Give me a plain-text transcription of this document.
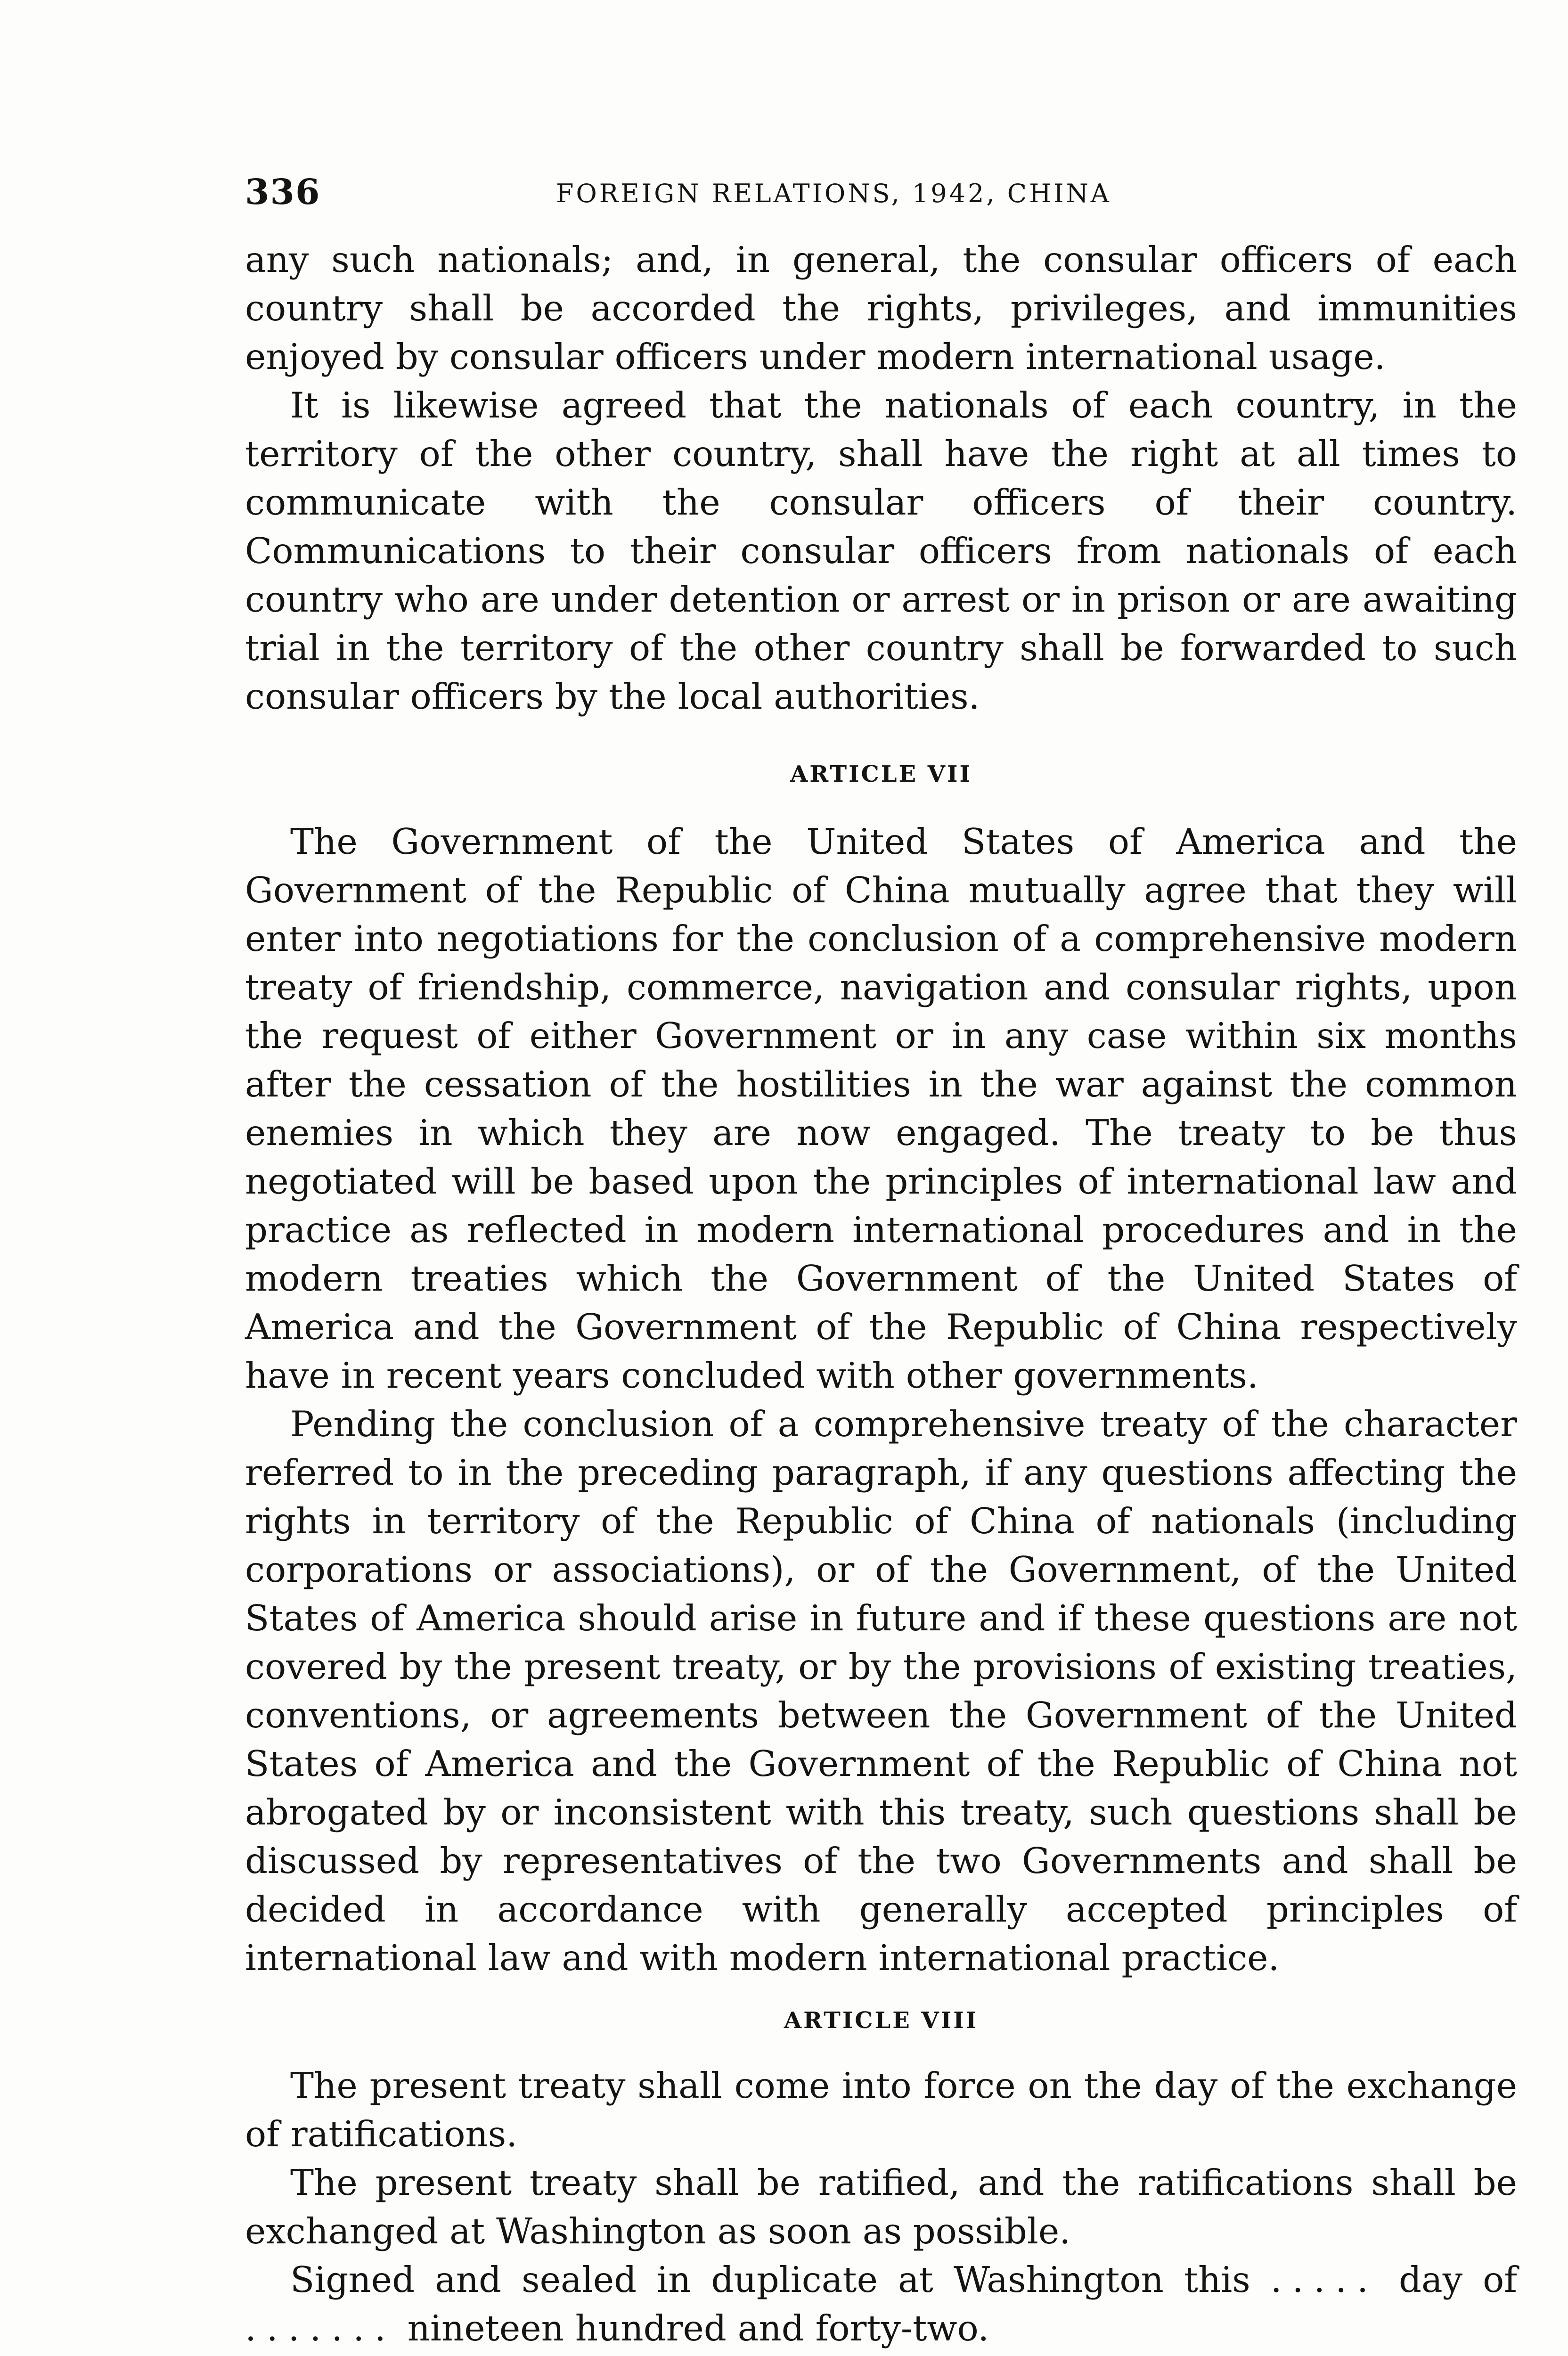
336	FOREIGN RELATIONS, 1942, CHINA

any such nationals; and, in general, the consular officers of each country shall be accorded the rights, privileges, and immunities enjoyed by consular officers under modern international usage.

It is likewise agreed that the nationals of each country, in the territory of the other country, shall have the right at all times to communicate with the consular officers of their country. Communications to their consular officers from nationals of each country who are under detention or arrest or in prison or are awaiting trial in the territory of the other country shall be forwarded to such consular officers by the local authorities.

ARTICLE VII

The Government of the United States of America and the Government of the Republic of China mutually agree that they will enter into negotiations for the conclusion of a comprehensive modern treaty of friendship, commerce, navigation and consular rights, upon the request of either Government or in any case within six months after the cessation of the hostilities in the war against the common enemies in which they are now engaged. The treaty to be thus negotiated will be based upon the principles of international law and practice as reflected in modern international procedures and in the modern treaties which the Government of the United States of America and the Government of the Republic of China respectively have in recent years concluded with other governments.

Pending the conclusion of a comprehensive treaty of the character referred to in the preceding paragraph, if any questions affecting the rights in territory of the Republic of China of nationals (including corporations or associations), or of the Government, of the United States of America should arise in future and if these questions are not covered by the present treaty, or by the provisions of existing treaties, conventions, or agreements between the Government of the United States of America and the Government of the Republic of China not abrogated by or inconsistent with this treaty, such questions shall be discussed by representatives of the two Governments and shall be decided in accordance with generally accepted principles of international law and with modern international practice.

ARTICLE VIII

The present treaty shall come into force on the day of the exchange of ratifications.

The present treaty shall be ratified, and the ratifications shall be exchanged at Washington as soon as possible.

Signed and sealed in duplicate at Washington this ..... day of ....... nineteen hundred and forty-two.
